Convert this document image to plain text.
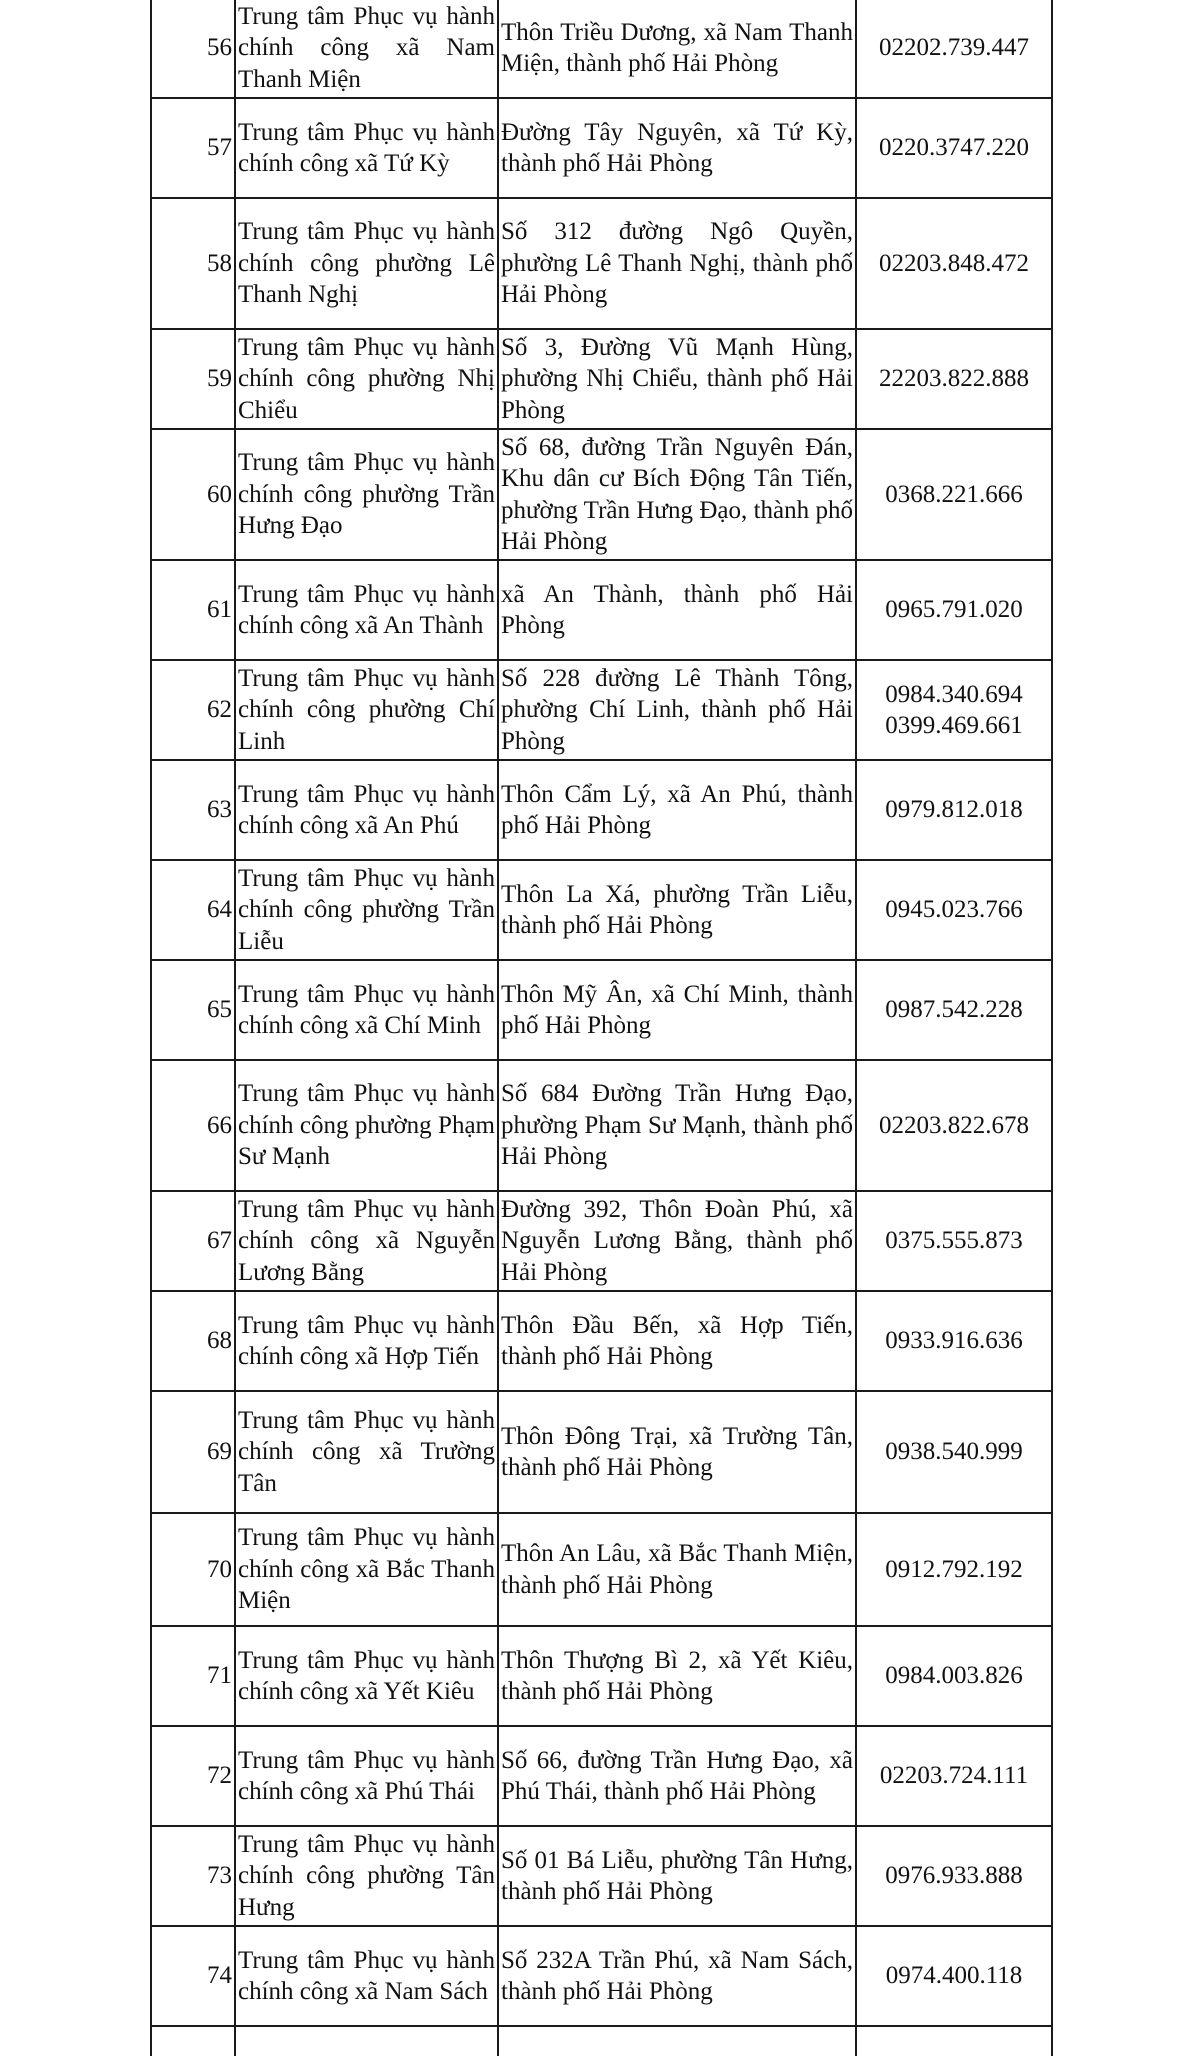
56	Trung tâm Phục vụ hành chính công xã Nam Thanh Miện	Thôn Triều Dương, xã Nam Thanh Miện, thành phố Hải Phòng	02202.739.447

57	Trung tâm Phục vụ hành chính công xã Tứ Kỳ	Đường Tây Nguyên, xã Tứ Kỳ, thành phố Hải Phòng	0220.3747.220

58	Trung tâm Phục vụ hành chính công phường Lê Thanh Nghị	Số 312 đường Ngô Quyền, phường Lê Thanh Nghị, thành phố Hải Phòng	02203.848.472

59	Trung tâm Phục vụ hành chính công phường Nhị Chiểu	Số 3, Đường Vũ Mạnh Hùng, phường Nhị Chiểu, thành phố Hải Phòng	22203.822.888

60	Trung tâm Phục vụ hành chính công phường Trần Hưng Đạo	Số 68, đường Trần Nguyên Đán, Khu dân cư Bích Động Tân Tiến, phường Trần Hưng Đạo, thành phố Hải Phòng	0368.221.666

61	Trung tâm Phục vụ hành chính công xã An Thành	xã An Thành, thành phố Hải Phòng	0965.791.020

62	Trung tâm Phục vụ hành chính công phường Chí Linh	Số 228 đường Lê Thành Tông, phường Chí Linh, thành phố Hải Phòng	0984.340.694
0399.469.661

63	Trung tâm Phục vụ hành chính công xã An Phú	Thôn Cẩm Lý, xã An Phú, thành phố Hải Phòng	0979.812.018

64	Trung tâm Phục vụ hành chính công phường Trần Liễu	Thôn La Xá, phường Trần Liễu, thành phố Hải Phòng	0945.023.766

65	Trung tâm Phục vụ hành chính công xã Chí Minh	Thôn Mỹ Ân, xã Chí Minh, thành phố Hải Phòng	0987.542.228

66	Trung tâm Phục vụ hành chính công phường Phạm Sư Mạnh	Số 684 Đường Trần Hưng Đạo, phường Phạm Sư Mạnh, thành phố Hải Phòng	02203.822.678

67	Trung tâm Phục vụ hành chính công xã Nguyễn Lương Bằng	Đường 392, Thôn Đoàn Phú, xã Nguyễn Lương Bằng, thành phố Hải Phòng	0375.555.873

68	Trung tâm Phục vụ hành chính công xã Hợp Tiến	Thôn Đầu Bến, xã Hợp Tiến, thành phố Hải Phòng	0933.916.636

69	Trung tâm Phục vụ hành chính công xã Trường Tân	Thôn Đông Trại, xã Trường Tân, thành phố Hải Phòng	0938.540.999

70	Trung tâm Phục vụ hành chính công xã Bắc Thanh Miện	Thôn An Lâu, xã Bắc Thanh Miện, thành phố Hải Phòng	0912.792.192

71	Trung tâm Phục vụ hành chính công xã Yết Kiêu	Thôn Thượng Bì 2, xã Yết Kiêu, thành phố Hải Phòng	0984.003.826

72	Trung tâm Phục vụ hành chính công xã Phú Thái	Số 66, đường Trần Hưng Đạo, xã Phú Thái, thành phố Hải Phòng	02203.724.111

73	Trung tâm Phục vụ hành chính công phường Tân Hưng	Số 01 Bá Liễu, phường Tân Hưng, thành phố Hải Phòng	0976.933.888

74	Trung tâm Phục vụ hành chính công xã Nam Sách	Số 232A Trần Phú, xã Nam Sách, thành phố Hải Phòng	0974.400.118
